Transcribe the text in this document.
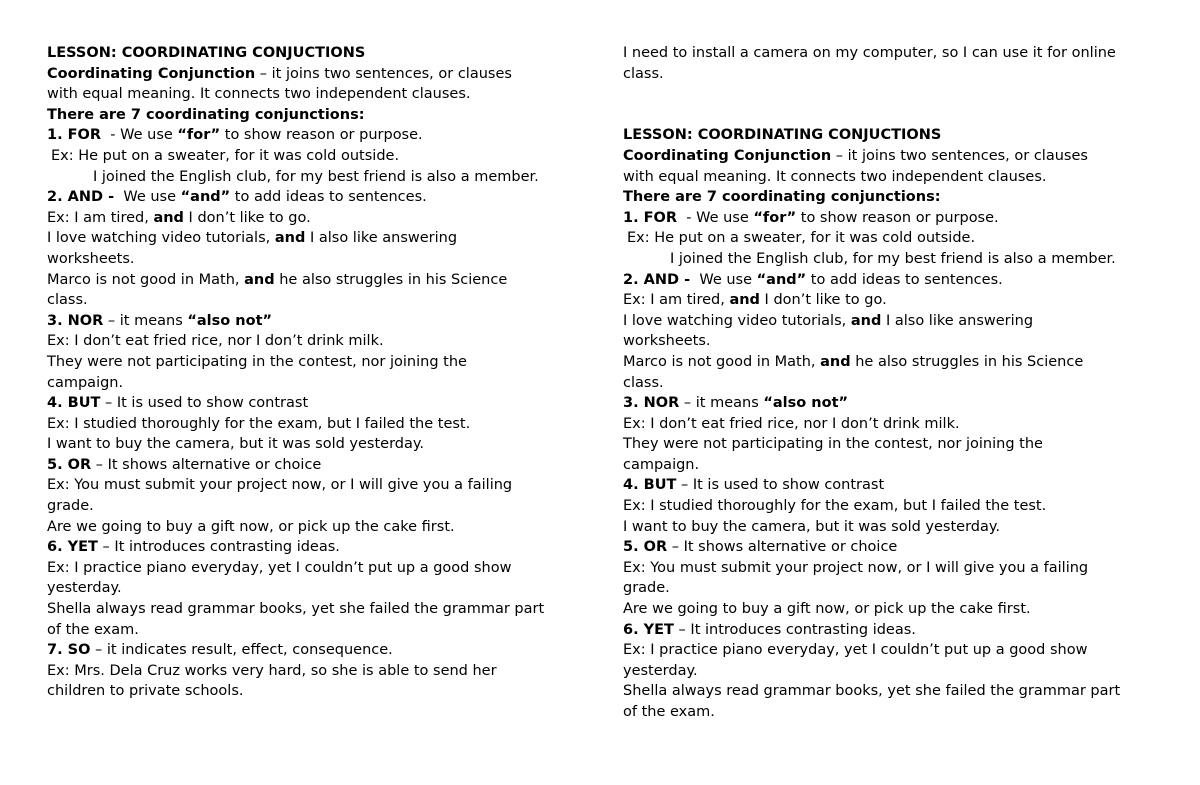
LESSON: COORDINATING CONJUCTIONS
Coordinating Conjunction – it joins two sentences, or clauses
with equal meaning. It connects two independent clauses.
There are 7 coordinating conjunctions:
1. FOR  - We use “for” to show reason or purpose.
Ex: He put on a sweater, for it was cold outside.
I joined the English club, for my best friend is also a member.
2. AND -  We use “and” to add ideas to sentences.
Ex: I am tired, and I don’t like to go.
I love watching video tutorials, and I also like answering
worksheets.
Marco is not good in Math, and he also struggles in his Science
class.
3. NOR – it means “also not”
Ex: I don’t eat fried rice, nor I don’t drink milk.
They were not participating in the contest, nor joining the
campaign.
4. BUT – It is used to show contrast
Ex: I studied thoroughly for the exam, but I failed the test.
I want to buy the camera, but it was sold yesterday.
5. OR – It shows alternative or choice
Ex: You must submit your project now, or I will give you a failing
grade.
Are we going to buy a gift now, or pick up the cake first.
6. YET – It introduces contrasting ideas.
Ex: I practice piano everyday, yet I couldn’t put up a good show
yesterday.
Shella always read grammar books, yet she failed the grammar part
of the exam.
7. SO – it indicates result, effect, consequence.
Ex: Mrs. Dela Cruz works very hard, so she is able to send her
children to private schools.
I need to install a camera on my computer, so I can use it for online
class.
LESSON: COORDINATING CONJUCTIONS
Coordinating Conjunction – it joins two sentences, or clauses
with equal meaning. It connects two independent clauses.
There are 7 coordinating conjunctions:
1. FOR  - We use “for” to show reason or purpose.
Ex: He put on a sweater, for it was cold outside.
I joined the English club, for my best friend is also a member.
2. AND -  We use “and” to add ideas to sentences.
Ex: I am tired, and I don’t like to go.
I love watching video tutorials, and I also like answering
worksheets.
Marco is not good in Math, and he also struggles in his Science
class.
3. NOR – it means “also not”
Ex: I don’t eat fried rice, nor I don’t drink milk.
They were not participating in the contest, nor joining the
campaign.
4. BUT – It is used to show contrast
Ex: I studied thoroughly for the exam, but I failed the test.
I want to buy the camera, but it was sold yesterday.
5. OR – It shows alternative or choice
Ex: You must submit your project now, or I will give you a failing
grade.
Are we going to buy a gift now, or pick up the cake first.
6. YET – It introduces contrasting ideas.
Ex: I practice piano everyday, yet I couldn’t put up a good show
yesterday.
Shella always read grammar books, yet she failed the grammar part
of the exam.
